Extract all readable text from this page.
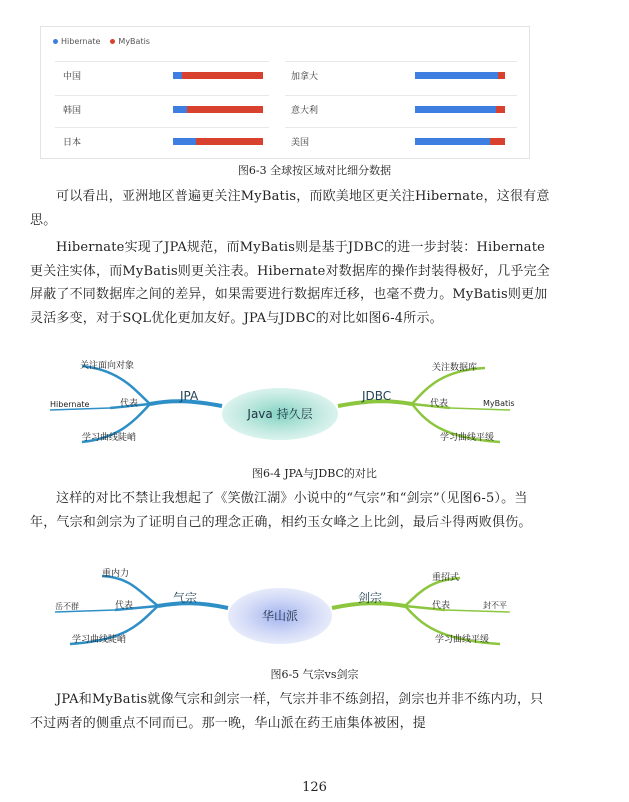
Hibernate MyBatis
中国
韩国
日本
加拿大
意大利
美国
图6-3 全球按区域对比细分数据

可以看出，亚洲地区普遍更关注MyBatis，而欧美地区更关注Hibernate，这很有意思。

Hibernate实现了JPA规范，而MyBatis则是基于JDBC的进一步封装：Hibernate更关注实体，而MyBatis则更关注表。Hibernate对数据库的操作封装得极好，几乎完全屏蔽了不同数据库之间的差异，如果需要进行数据库迁移，也毫不费力。MyBatis则更加灵活多变，对于SQL优化更加友好。JPA与JDBC的对比如图6-4所示。

Java 持久层
JPA
关注面向对象
代表
Hibernate
学习曲线陡峭
JDBC
关注数据库
代表	MyBatis
学习曲线平缓
图6-4 JPA与JDBC的对比

这样的对比不禁让我想起了《笑傲江湖》小说中的“气宗”和“剑宗”（见图6-5）。当年，气宗和剑宗为了证明自己的理念正确，相约玉女峰之上比剑，最后斗得两败俱伤。

华山派
气宗
重内力
代表
岳不群
学习曲线陡峭
剑宗
重招式
代表	封不平
学习曲线平缓
图6-5 气宗vs剑宗

JPA和MyBatis就像气宗和剑宗一样，气宗并非不练剑招，剑宗也并非不练内功，只不过两者的侧重点不同而已。那一晚，华山派在药王庙集体被困，提

126
